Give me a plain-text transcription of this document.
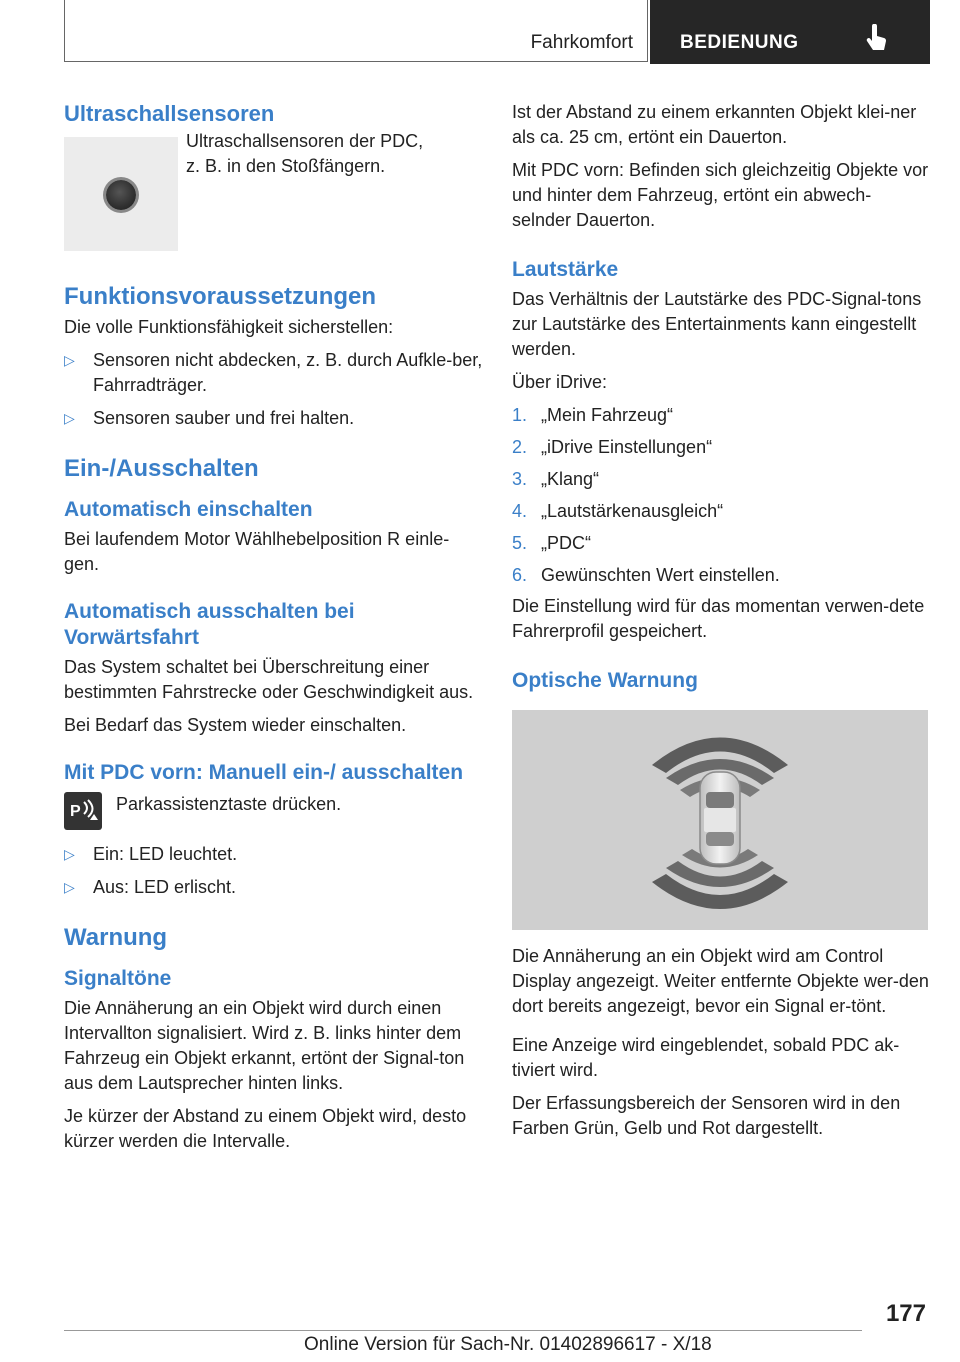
Fahrkomfort BEDIENUNG
Ultraschallsensoren

Ultraschallsensoren der PDC,
z. B. in den Stoßfängern.

Funktionsvoraussetzungen

Die volle Funktionsfähigkeit sicherstellen:

▷ Sensoren nicht abdecken, z. B. durch Aufkle-ber, Fahrradträger.
▷ Sensoren sauber und frei halten.
Ein-/Ausschalten
Automatisch einschalten

Bei laufendem Motor Wählhebelposition R einle-gen.

Automatisch ausschalten bei Vorwärtsfahrt

Das System schaltet bei Überschreitung einer bestimmten Fahrstrecke oder Geschwindigkeit aus.

Bei Bedarf das System wieder einschalten.

Mit PDC vorn: Manuell ein-/ ausschalten
P Parkassistenztaste drücken.

▷ Ein: LED leuchtet.
▷ Aus: LED erlischt.
Warnung
Signaltöne

Die Annäherung an ein Objekt wird durch einen Intervallton signalisiert. Wird z. B. links hinter dem Fahrzeug ein Objekt erkannt, ertönt der Signal-ton aus dem Lautsprecher hinten links.

Je kürzer der Abstand zu einem Objekt wird, desto kürzer werden die Intervalle.

Ist der Abstand zu einem erkannten Objekt klei-ner als ca. 25 cm, ertönt ein Dauerton.

Mit PDC vorn: Befinden sich gleichzeitig Objekte vor und hinter dem Fahrzeug, ertönt ein abwech-selnder Dauerton.

Lautstärke

Das Verhältnis der Lautstärke des PDC-Signal-tons zur Lautstärke des Entertainments kann eingestellt werden.

Über iDrive:

1. „Mein Fahrzeug“
2. „iDrive Einstellungen“
3. „Klang“
4. „Lautstärkenausgleich“
5. „PDC“
6. Gewünschten Wert einstellen.

Die Einstellung wird für das momentan verwen-dete Fahrerprofil gespeichert.

Optische Warnung

Die Annäherung an ein Objekt wird am Control Display angezeigt. Weiter entfernte Objekte wer-den dort bereits angezeigt, bevor ein Signal er-tönt.

Eine Anzeige wird eingeblendet, sobald PDC ak-tiviert wird.

Der Erfassungsbereich der Sensoren wird in den Farben Grün, Gelb und Rot dargestellt.

177
Online Version für Sach-Nr. 01402896617 - X/18
